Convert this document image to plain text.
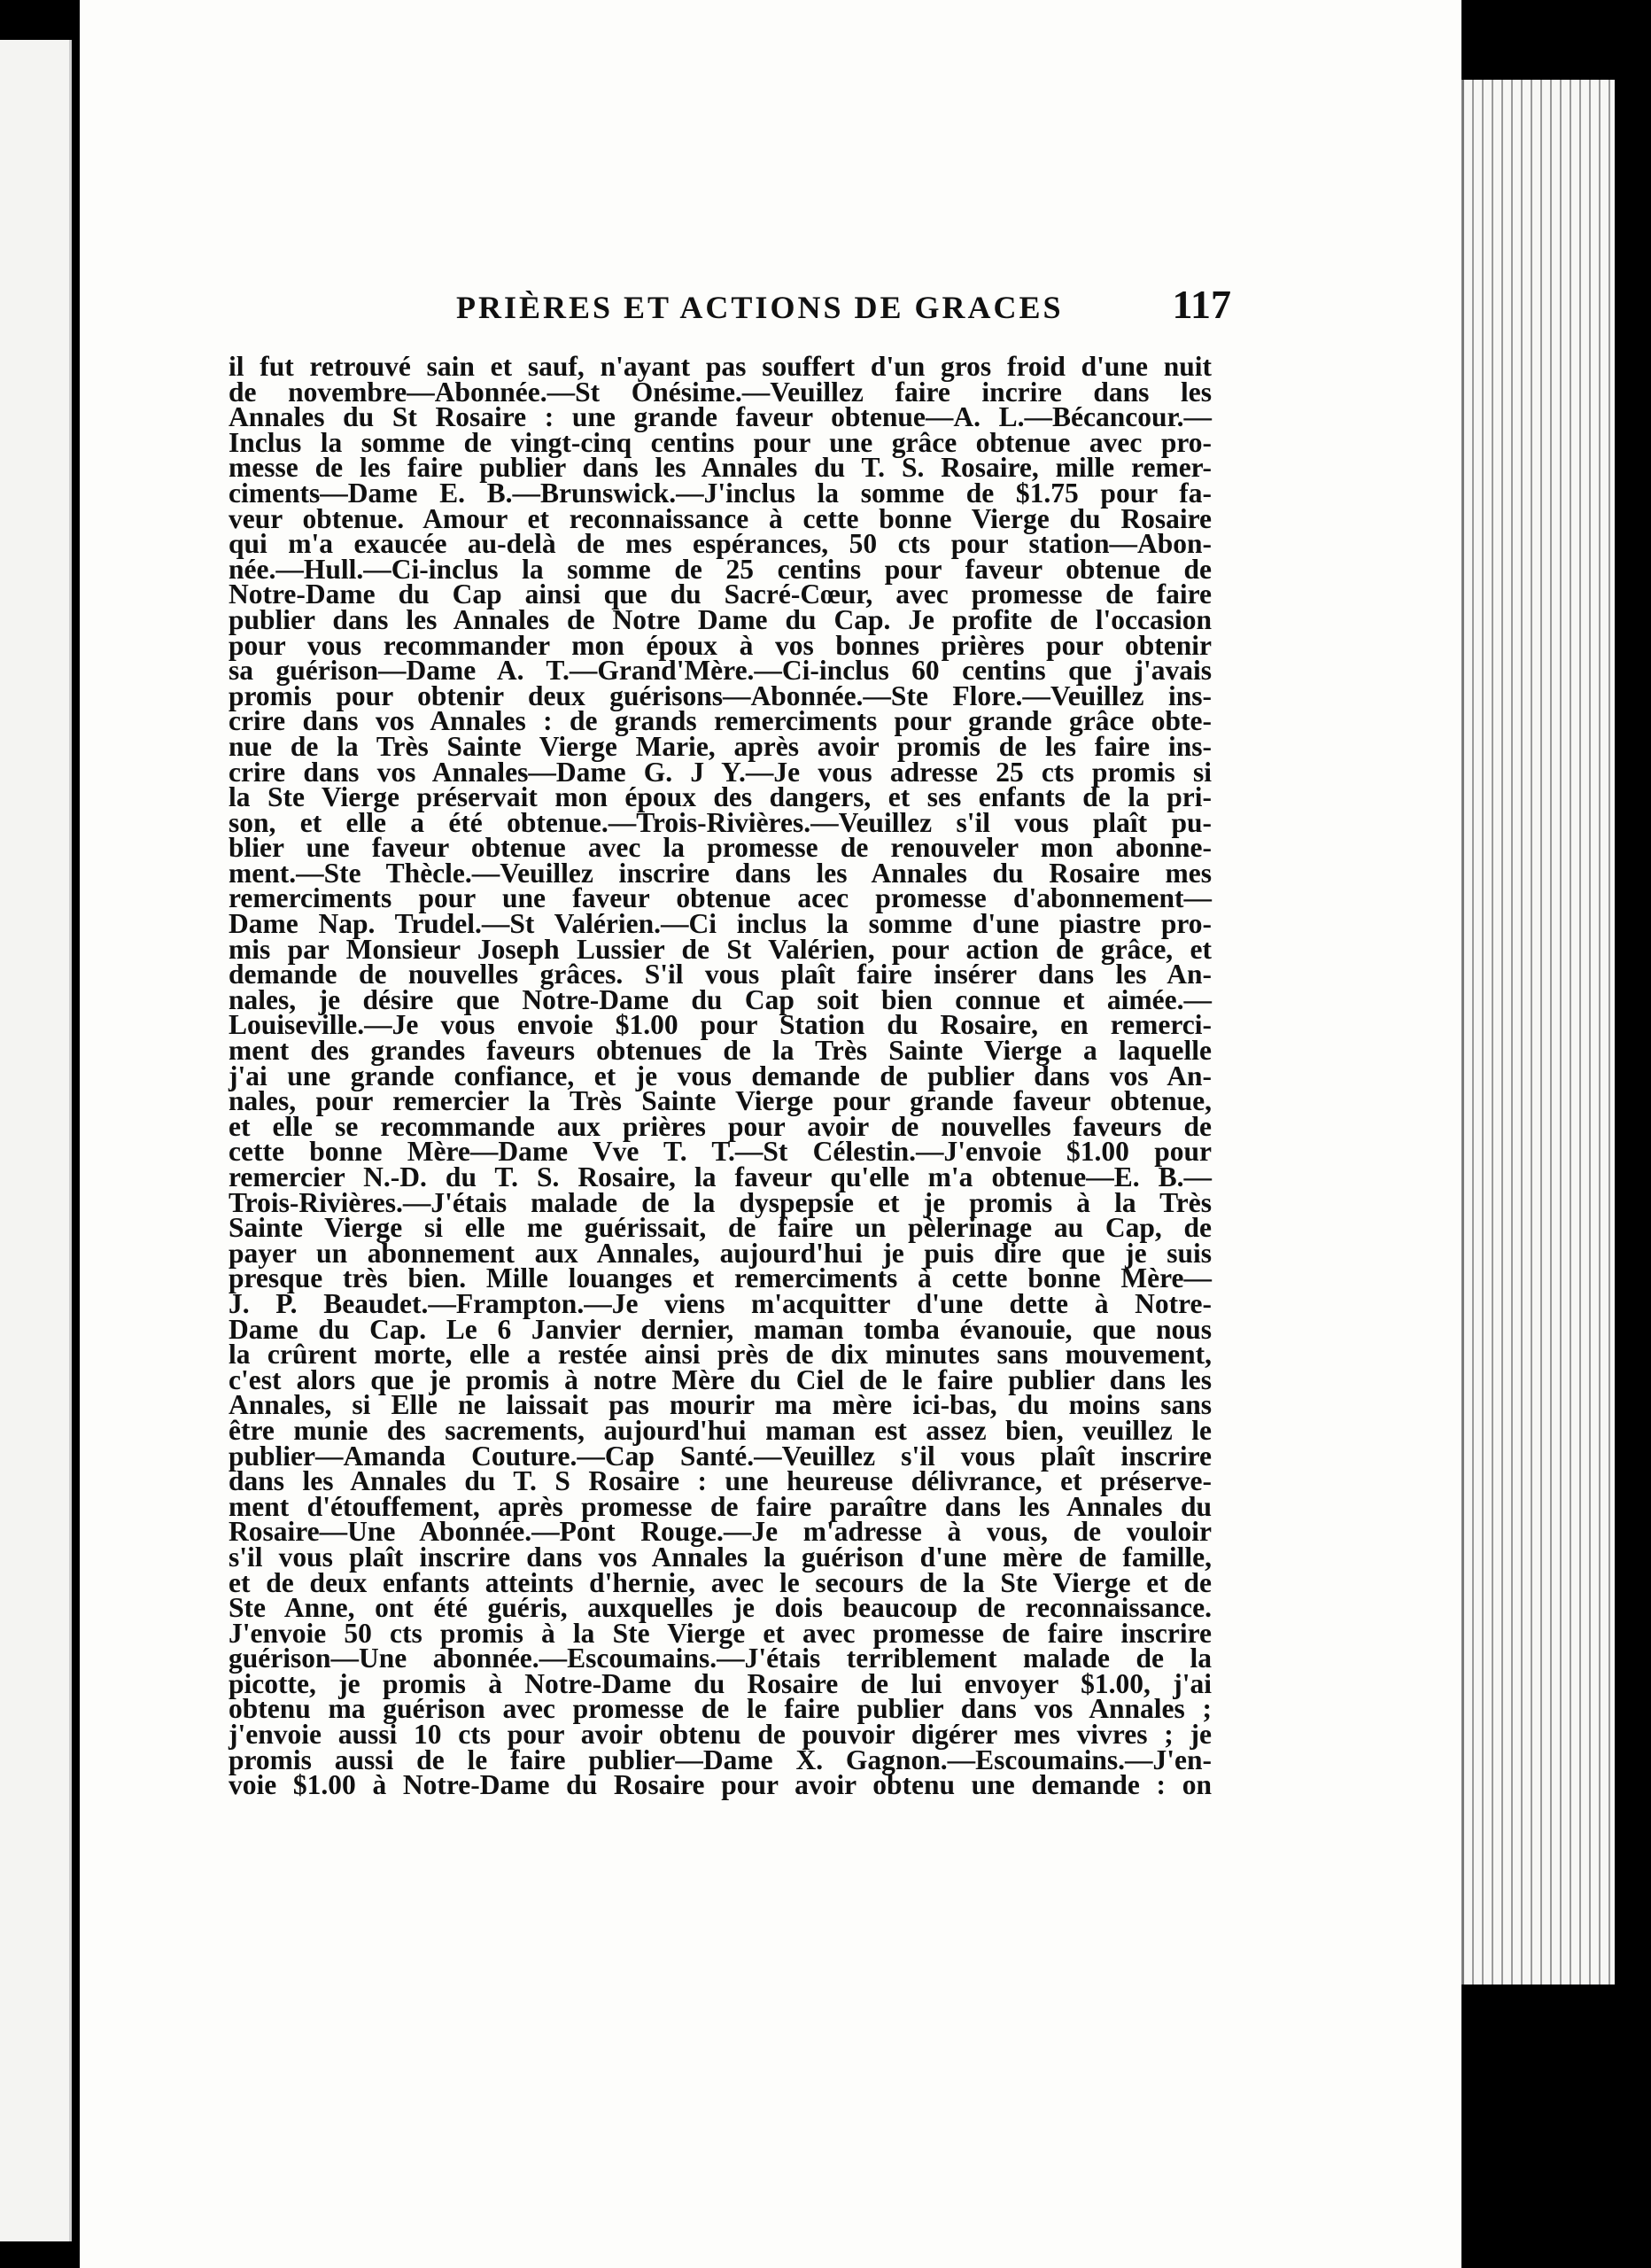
PRIÈRES ET ACTIONS DE GRACES	117
il fut retrouvé sain et sauf, n'ayant pas souffert d'un gros froid d'une nuit
de novembre—Abonnée.—St Onésime.—Veuillez faire incrire dans les
Annales du St Rosaire : une grande faveur obtenue—A. L.—Bécancour.—
Inclus la somme de vingt-cinq centins pour une grâce obtenue avec pro-
messe de les faire publier dans les Annales du T. S. Rosaire, mille remer-
ciments—Dame E. B.—Brunswick.—J'inclus la somme de $1.75 pour fa-
veur obtenue. Amour et reconnaissance à cette bonne Vierge du Rosaire
qui m'a exaucée au-delà de mes espérances, 50 cts pour station—Abon-
née.—Hull.—Ci-inclus la somme de 25 centins pour faveur obtenue de
Notre-Dame du Cap ainsi que du Sacré-Cœur, avec promesse de faire
publier dans les Annales de Notre Dame du Cap. Je profite de l'occasion
pour vous recommander mon époux à vos bonnes prières pour obtenir
sa guérison—Dame A. T.—Grand'Mère.—Ci-inclus 60 centins que j'avais
promis pour obtenir deux guérisons—Abonnée.—Ste Flore.—Veuillez ins-
crire dans vos Annales : de grands remerciments pour grande grâce obte-
nue de la Très Sainte Vierge Marie, après avoir promis de les faire ins-
crire dans vos Annales—Dame G. J Y.—Je vous adresse 25 cts promis si
la Ste Vierge préservait mon époux des dangers, et ses enfants de la pri-
son, et elle a été obtenue.—Trois-Rivières.—Veuillez s'il vous plaît pu-
blier une faveur obtenue avec la promesse de renouveler mon abonne-
ment.—Ste Thècle.—Veuillez inscrire dans les Annales du Rosaire mes
remerciments pour une faveur obtenue acec promesse d'abonnement—
Dame Nap. Trudel.—St Valérien.—Ci inclus la somme d'une piastre pro-
mis par Monsieur Joseph Lussier de St Valérien, pour action de grâce, et
demande de nouvelles grâces. S'il vous plaît faire insérer dans les An-
nales, je désire que Notre-Dame du Cap soit bien connue et aimée.—
Louiseville.—Je vous envoie $1.00 pour Station du Rosaire, en remerci-
ment des grandes faveurs obtenues de la Très Sainte Vierge a laquelle
j'ai une grande confiance, et je vous demande de publier dans vos An-
nales, pour remercier la Très Sainte Vierge pour grande faveur obtenue,
et elle se recommande aux prières pour avoir de nouvelles faveurs de
cette bonne Mère—Dame Vve T. T.—St Célestin.—J'envoie $1.00 pour
remercier N.-D. du T. S. Rosaire, la faveur qu'elle m'a obtenue—E. B.—
Trois-Rivières.—J'étais malade de la dyspepsie et je promis à la Très
Sainte Vierge si elle me guérissait, de faire un pèlerinage au Cap, de
payer un abonnement aux Annales, aujourd'hui je puis dire que je suis
presque très bien. Mille louanges et remerciments à cette bonne Mère—
J. P. Beaudet.—Frampton.—Je viens m'acquitter d'une dette à Notre-
Dame du Cap. Le 6 Janvier dernier, maman tomba évanouie, que nous
la crûrent morte, elle a restée ainsi près de dix minutes sans mouvement,
c'est alors que je promis à notre Mère du Ciel de le faire publier dans les
Annales, si Elle ne laissait pas mourir ma mère ici-bas, du moins sans
être munie des sacrements, aujourd'hui maman est assez bien, veuillez le
publier—Amanda Couture.—Cap Santé.—Veuillez s'il vous plaît inscrire
dans les Annales du T. S Rosaire : une heureuse délivrance, et préserve-
ment d'étouffement, après promesse de faire paraître dans les Annales du
Rosaire—Une Abonnée.—Pont Rouge.—Je m'adresse à vous, de vouloir
s'il vous plaît inscrire dans vos Annales la guérison d'une mère de famille,
et de deux enfants atteints d'hernie, avec le secours de la Ste Vierge et de
Ste Anne, ont été guéris, auxquelles je dois beaucoup de reconnaissance.
J'envoie 50 cts promis à la Ste Vierge et avec promesse de faire inscrire
guérison—Une abonnée.—Escoumains.—J'étais terriblement malade de la
picotte, je promis à Notre-Dame du Rosaire de lui envoyer $1.00, j'ai
obtenu ma guérison avec promesse de le faire publier dans vos Annales ;
j'envoie aussi 10 cts pour avoir obtenu de pouvoir digérer mes vivres ; je
promis aussi de le faire publier—Dame X. Gagnon.—Escoumains.—J'en-
voie $1.00 à Notre-Dame du Rosaire pour avoir obtenu une demande : on
